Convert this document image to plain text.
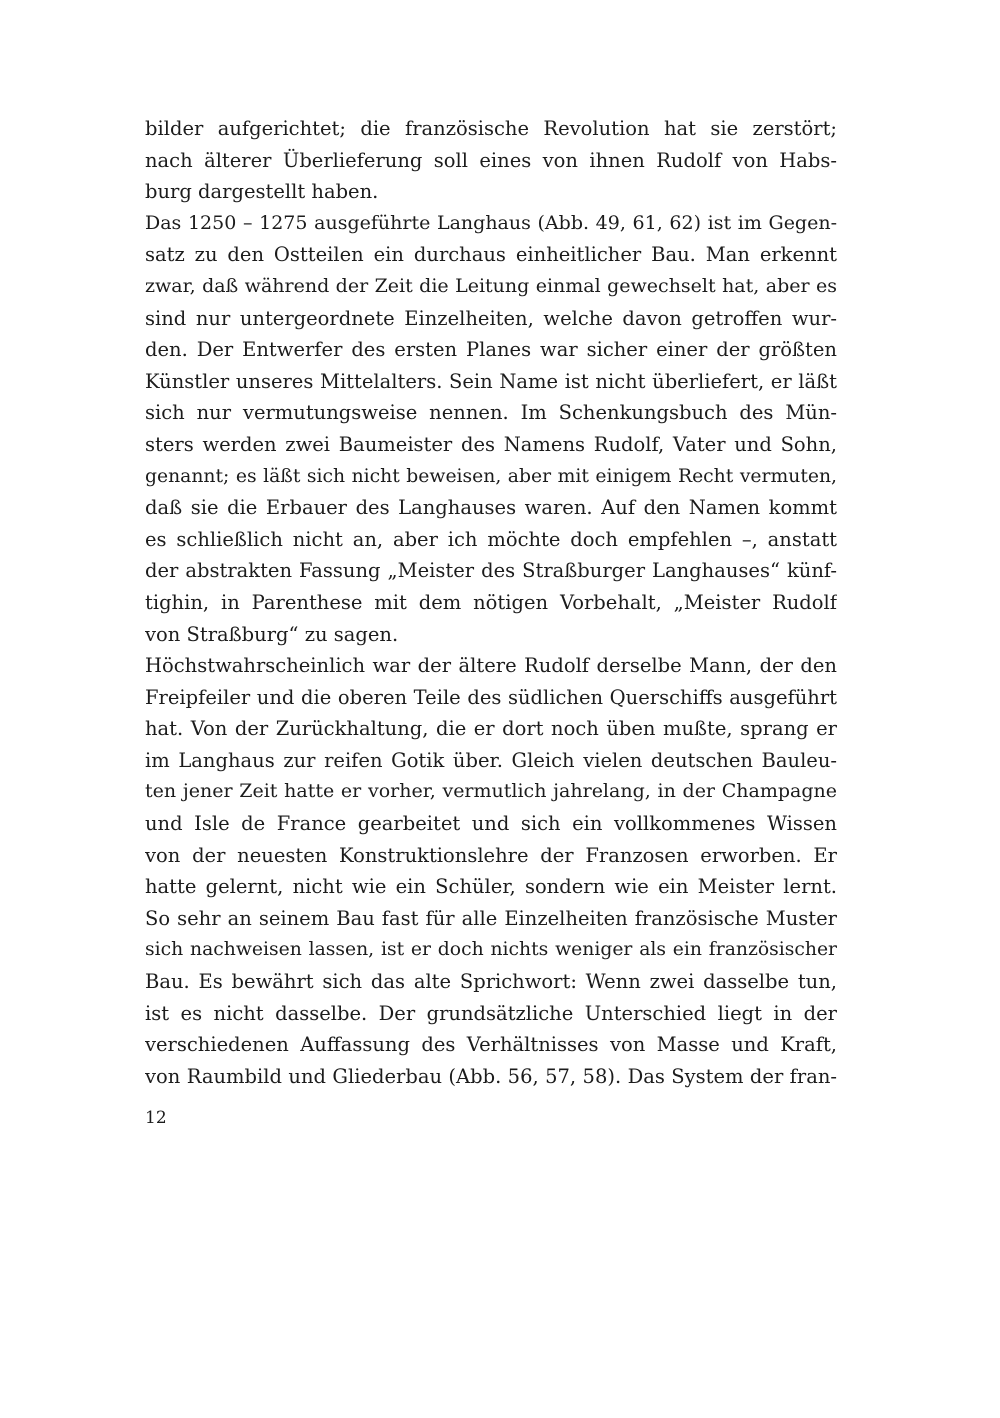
bilder aufgerichtet; die französische Revolution hat sie zerstört;
nach älterer Überlieferung soll eines von ihnen Rudolf von Habs-
burg dargestellt haben.
Das 1250 – 1275 ausgeführte Langhaus (Abb. 49, 61, 62) ist im Gegen-
satz zu den Ostteilen ein durchaus einheitlicher Bau. Man erkennt
zwar, daß während der Zeit die Leitung einmal gewechselt hat, aber es
sind nur untergeordnete Einzelheiten, welche davon getroffen wur-
den. Der Entwerfer des ersten Planes war sicher einer der größten
Künstler unseres Mittelalters. Sein Name ist nicht überliefert, er läßt
sich nur vermutungsweise nennen. Im Schenkungsbuch des Mün-
sters werden zwei Baumeister des Namens Rudolf, Vater und Sohn,
genannt; es läßt sich nicht beweisen, aber mit einigem Recht vermuten,
daß sie die Erbauer des Langhauses waren. Auf den Namen kommt
es schließlich nicht an, aber ich möchte doch empfehlen –, anstatt
der abstrakten Fassung „Meister des Straßburger Langhauses“ künf-
tighin, in Parenthese mit dem nötigen Vorbehalt, „Meister Rudolf
von Straßburg“ zu sagen.
Höchstwahrscheinlich war der ältere Rudolf derselbe Mann, der den
Freipfeiler und die oberen Teile des südlichen Querschiffs ausgeführt
hat. Von der Zurückhaltung, die er dort noch üben mußte, sprang er
im Langhaus zur reifen Gotik über. Gleich vielen deutschen Bauleu-
ten jener Zeit hatte er vorher, vermutlich jahrelang, in der Champagne
und Isle de France gearbeitet und sich ein vollkommenes Wissen
von der neuesten Konstruktionslehre der Franzosen erworben. Er
hatte gelernt, nicht wie ein Schüler, sondern wie ein Meister lernt.
So sehr an seinem Bau fast für alle Einzelheiten französische Muster
sich nachweisen lassen, ist er doch nichts weniger als ein französischer
Bau. Es bewährt sich das alte Sprichwort: Wenn zwei dasselbe tun,
ist es nicht dasselbe. Der grundsätzliche Unterschied liegt in der
verschiedenen Auffassung des Verhältnisses von Masse und Kraft,
von Raumbild und Gliederbau (Abb. 56, 57, 58). Das System der fran-
12
